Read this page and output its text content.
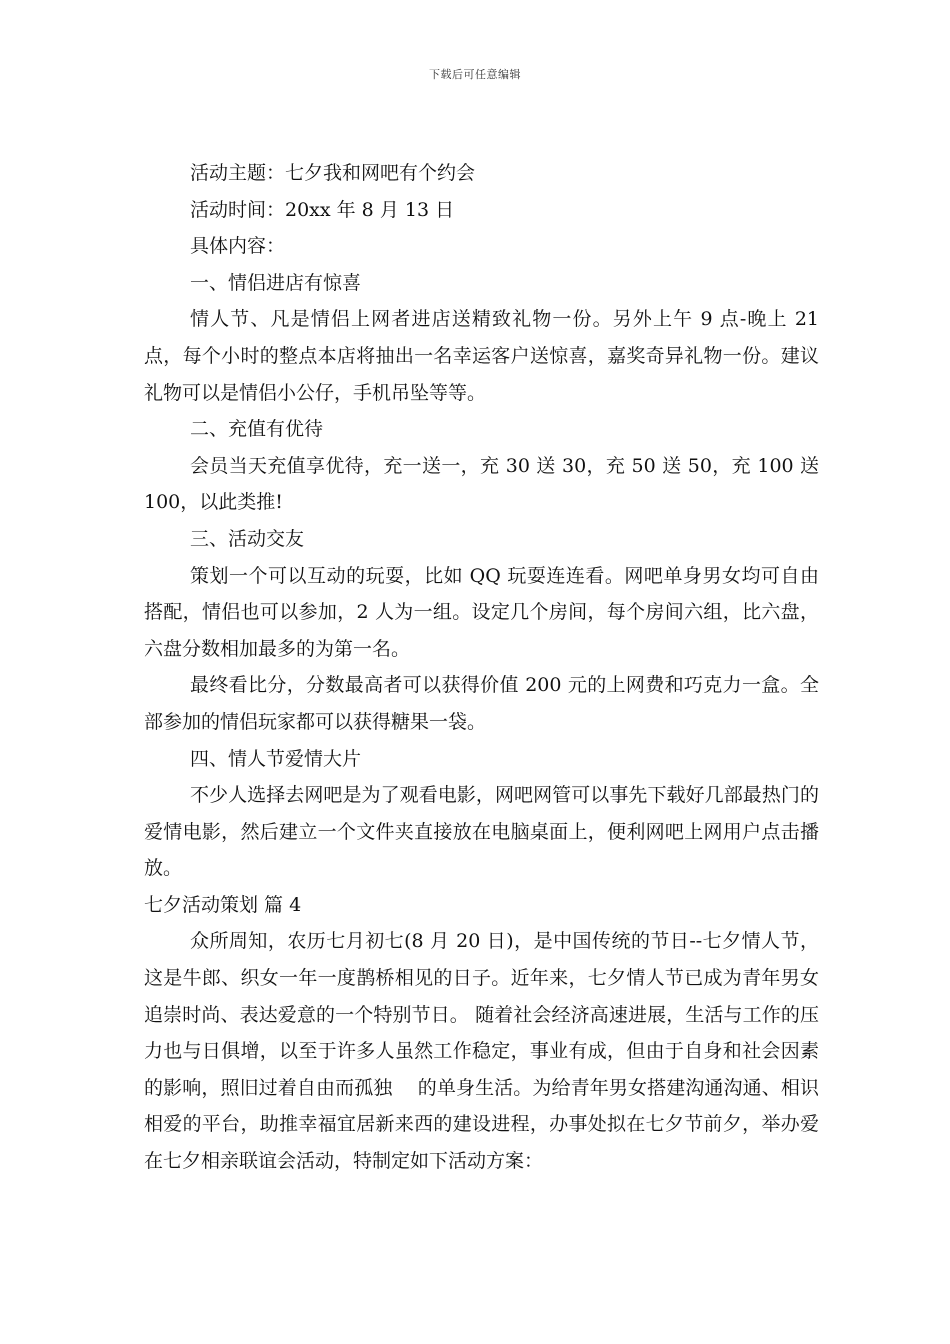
下载后可任意编辑

活动主题：七夕我和网吧有个约会

活动时间：20xx 年 8 月 13 日

具体内容：

一、情侣进店有惊喜

情人节、凡是情侣上网者进店送精致礼物一份。另外上午 9 点-晚上 21 点，每个小时的整点本店将抽出一名幸运客户送惊喜，嘉奖奇异礼物一份。建议礼物可以是情侣小公仔，手机吊坠等等。

二、充值有优待

会员当天充值享优待，充一送一，充 30 送 30，充 50 送 50，充 100 送 100，以此类推!

三、活动交友

策划一个可以互动的玩耍，比如 QQ 玩耍连连看。网吧单身男女均可自由搭配，情侣也可以参加，2 人为一组。设定几个房间，每个房间六组，比六盘，六盘分数相加最多的为第一名。

最终看比分，分数最高者可以获得价值 200 元的上网费和巧克力一盒。全部参加的情侣玩家都可以获得糖果一袋。

四、情人节爱情大片

不少人选择去网吧是为了观看电影，网吧网管可以事先下载好几部最热门的爱情电影，然后建立一个文件夹直接放在电脑桌面上，便利网吧上网用户点击播放。

七夕活动策划 篇 4

众所周知，农历七月初七(8 月 20 日)，是中国传统的节日--七夕情人节，这是牛郎、织女一年一度鹊桥相见的日子。近年来，七夕情人节已成为青年男女追崇时尚、表达爱意的一个特别节日。 随着社会经济高速进展，生活与工作的压力也与日俱增，以至于许多人虽然工作稳定，事业有成，但由于自身和社会因素的影响，照旧过着自由而孤独　 的单身生活。为给青年男女搭建沟通沟通、相识相爱的平台，助推幸福宜居新来西的建设进程，办事处拟在七夕节前夕，举办爱在七夕相亲联谊会活动，特制定如下活动方案：
